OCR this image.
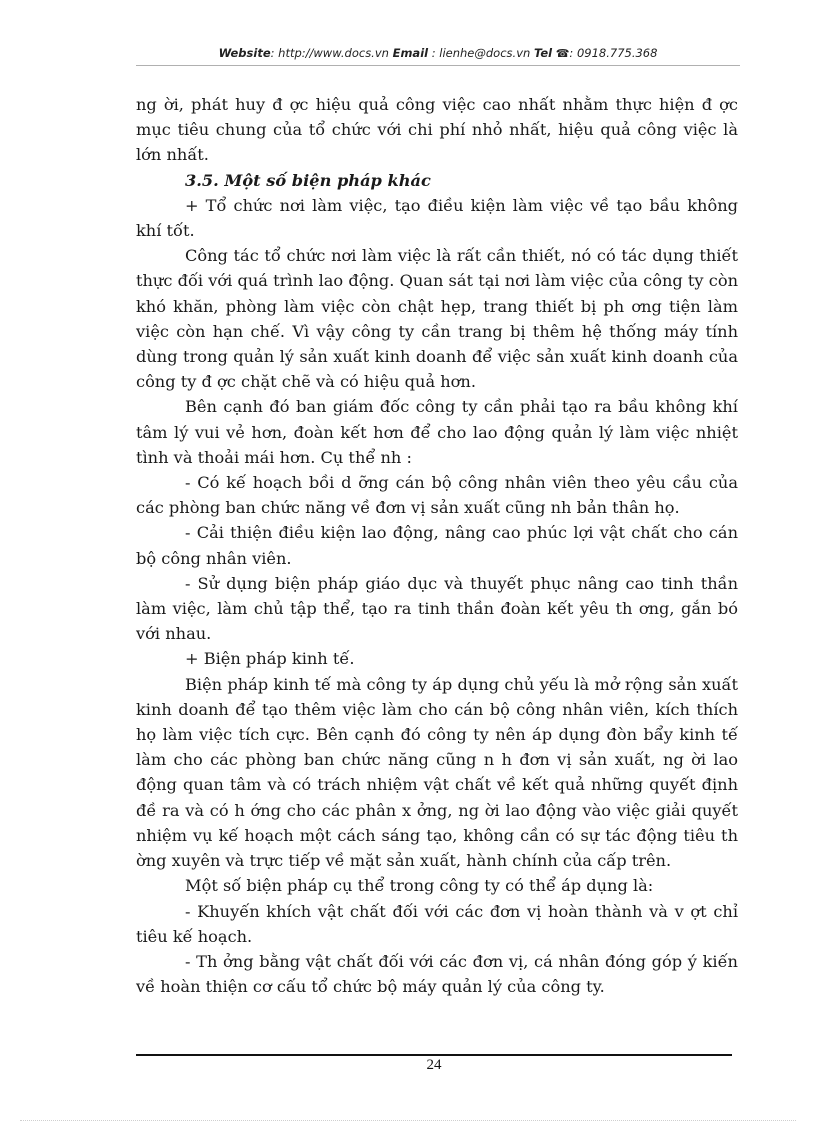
Website: http://www.docs.vn Email : lienhe@docs.vn Tel ☎: 0918.775.368

ng ời, phát huy đ ợc hiệu quả công việc cao nhất nhằm thực hiện đ ợc mục tiêu chung của tổ chức với chi phí nhỏ nhất, hiệu quả công việc là lớn nhất.

3.5. Một số biện pháp khác

+ Tổ chức nơi làm việc, tạo điều kiện làm việc về tạo bầu không khí tốt.

Công tác tổ chức nơi làm việc là rất cần thiết, nó có tác dụng thiết thực đối với quá trình lao động. Quan sát tại nơi làm việc của công ty còn khó khăn, phòng làm việc còn chật hẹp, trang thiết bị ph ơng tiện làm việc còn hạn chế. Vì vậy công ty cần trang bị thêm hệ thống máy tính dùng trong quản lý sản xuất kinh doanh để việc sản xuất kinh doanh của công ty đ ợc chặt chẽ và có hiệu quả hơn.

Bên cạnh đó ban giám đốc công ty cần phải tạo ra bầu không khí tâm lý vui vẻ hơn, đoàn kết hơn để cho lao động quản lý làm việc nhiệt tình và thoải mái hơn. Cụ thể nh :

- Có kế hoạch bồi d ỡng cán bộ công nhân viên theo yêu cầu của các phòng ban chức năng về đơn vị sản xuất cũng nh bản thân họ.

- Cải thiện điều kiện lao động, nâng cao phúc lợi vật chất cho cán bộ công nhân viên.

- Sử dụng biện pháp giáo dục và thuyết phục nâng cao tinh thần làm việc, làm chủ tập thể, tạo ra tinh thần đoàn kết yêu th ơng, gắn bó với nhau.

+ Biện pháp kinh tế.

Biện pháp kinh tế mà công ty áp dụng chủ yếu là mở rộng sản xuất kinh doanh để tạo thêm việc làm cho cán bộ công nhân viên, kích thích họ làm việc tích cực. Bên cạnh đó công ty nên áp dụng đòn bẩy kinh tế làm cho các phòng ban chức năng cũng n h đơn vị sản xuất, ng ời lao động quan tâm và có trách nhiệm vật chất về kết quả những quyết định đề ra và có h ớng cho các phân x ởng, ng ời lao động vào việc giải quyết nhiệm vụ kế hoạch một cách sáng tạo, không cần có sự tác động tiêu th ờng xuyên và trực tiếp về mặt sản xuất, hành chính của cấp trên.

Một số biện pháp cụ thể trong công ty có thể áp dụng là:

- Khuyến khích vật chất đối với các đơn vị hoàn thành và v ợt chỉ tiêu kế hoạch.

- Th ởng bằng vật chất đối với các đơn vị, cá nhân đóng góp ý kiến về hoàn thiện cơ cấu tổ chức bộ máy quản lý của công ty.

24
